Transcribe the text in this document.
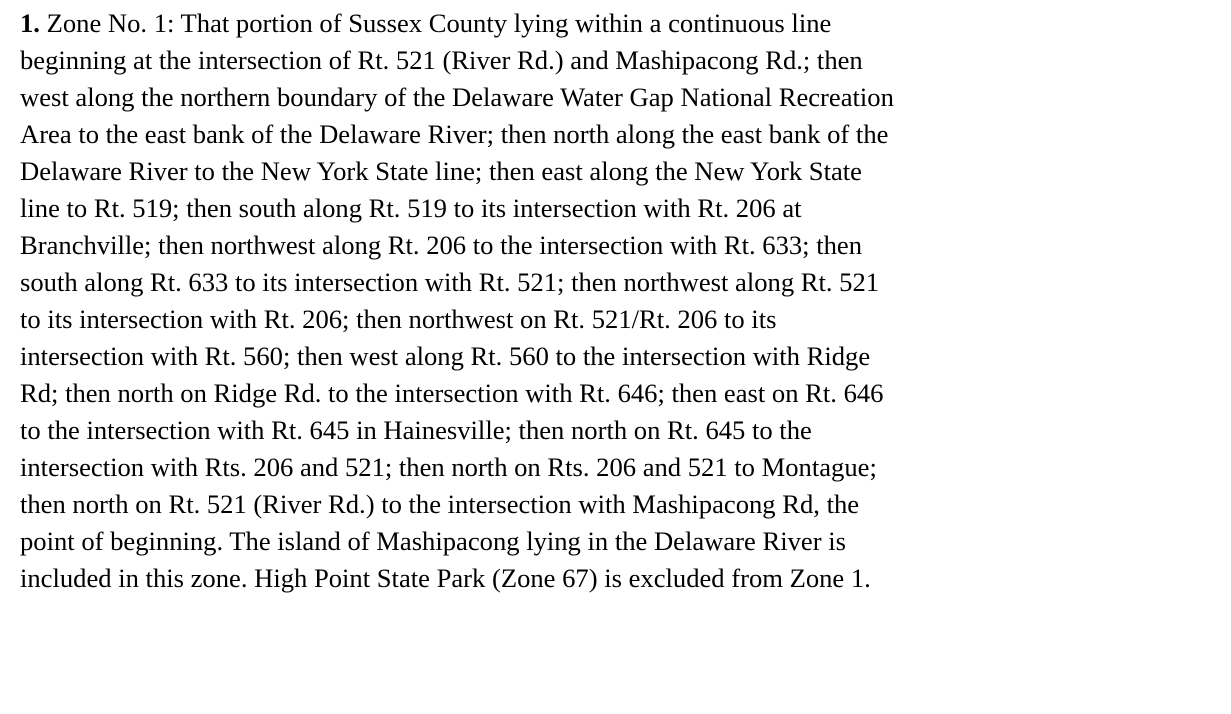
1. Zone No. 1: That portion of Sussex County lying within a continuous line
beginning at the intersection of Rt. 521 (River Rd.) and Mashipacong Rd.; then
west along the northern boundary of the Delaware Water Gap National Recreation
Area to the east bank of the Delaware River; then north along the east bank of the
Delaware River to the New York State line; then east along the New York State
line to Rt. 519; then south along Rt. 519 to its intersection with Rt. 206 at
Branchville; then northwest along Rt. 206 to the intersection with Rt. 633; then
south along Rt. 633 to its intersection with Rt. 521; then northwest along Rt. 521
to its intersection with Rt. 206; then northwest on Rt. 521/Rt. 206 to its
intersection with Rt. 560; then west along Rt. 560 to the intersection with Ridge
Rd; then north on Ridge Rd. to the intersection with Rt. 646; then east on Rt. 646
to the intersection with Rt. 645 in Hainesville; then north on Rt. 645 to the
intersection with Rts. 206 and 521; then north on Rts. 206 and 521 to Montague;
then north on Rt. 521 (River Rd.) to the intersection with Mashipacong Rd, the
point of beginning. The island of Mashipacong lying in the Delaware River is
included in this zone. High Point State Park (Zone 67) is excluded from Zone 1.
